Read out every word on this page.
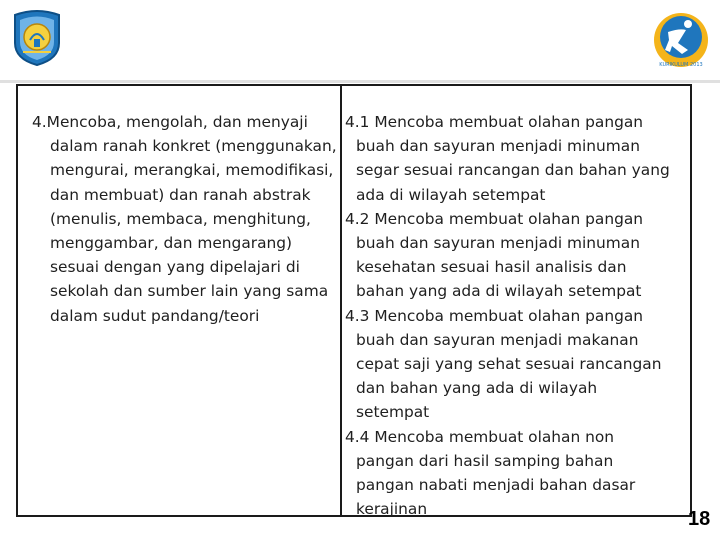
KURIKULUM 2013
4.Mencoba, mengolah, dan menyaji
dalam ranah konkret (menggunakan,
mengurai, merangkai, memodifikasi,
dan membuat) dan ranah abstrak
(menulis, membaca, menghitung,
menggambar, dan mengarang)
sesuai dengan yang dipelajari di
sekolah dan sumber lain yang sama
dalam sudut pandang/teori
4.1 Mencoba membuat olahan pangan
buah dan sayuran menjadi minuman
segar sesuai rancangan dan bahan yang
ada di wilayah setempat
4.2 Mencoba membuat olahan pangan
buah dan sayuran menjadi minuman
kesehatan sesuai hasil analisis dan
bahan yang ada di wilayah setempat
4.3 Mencoba membuat olahan pangan
buah dan sayuran menjadi makanan
cepat saji yang sehat sesuai rancangan
dan bahan yang ada di wilayah
setempat
4.4 Mencoba membuat olahan non
pangan dari hasil samping bahan
pangan nabati menjadi bahan dasar
kerajinan	18
